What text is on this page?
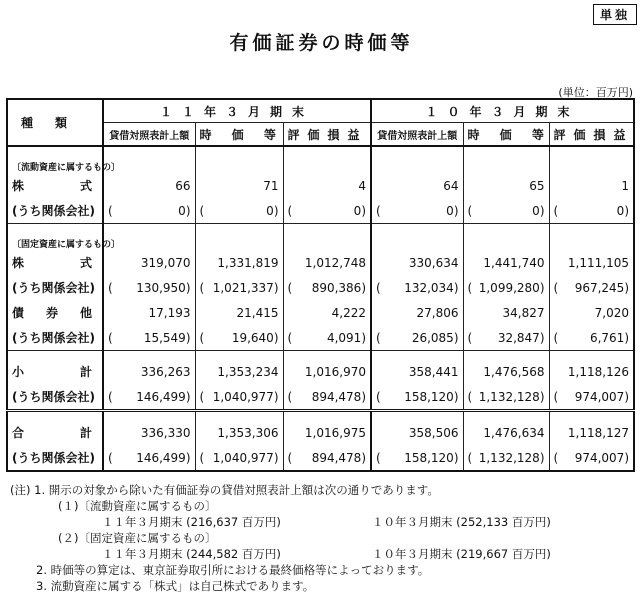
単独
有価証券の時価等
(単位：百万円)
種類	１１年３月期末			１０年３月期末		
	貸借対照表計上額	時 価 等	評価損益	貸借対照表計上額	時 価 等	評価損益
〔流動資産に属するもの〕						

株 式	66	71	4	64	65	1
(うち関係会社)	( 0)	( 0)	( 0)	( 0)	( 0)	( 0)

〔固定資産に属するもの〕						

株 式	319,070	1,331,819	1,012,748	330,634	1,441,740	1,111,105
(うち関係会社)	( 130,950)	( 1,021,337)	( 890,386)	( 132,034)	( 1,099,280)	( 967,245)

債 券 他	17,193	21,415	4,222	27,806	34,827	7,020
(うち関係会社)	( 15,549)	( 19,640)	( 4,091)	( 26,085)	( 32,847)	( 6,761)

小 計	336,263	1,353,234	1,016,970	358,441	1,476,568	1,118,126
(うち関係会社)	( 146,499)	( 1,040,977)	( 894,478)	( 158,120)	( 1,132,128)	( 974,007)

合 計	336,330	1,353,306	1,016,975	358,506	1,476,634	1,118,127
(うち関係会社)	( 146,499)	( 1,040,977)	( 894,478)	( 158,120)	( 1,132,128)	( 974,007)
(注) 1. 開示の対象から除いた有価証券の貸借対照表計上額は次の通りであります。
(１)〔流動資産に属するもの〕
１１年３月期末 (216,637 百万円)	１０年３月期末 (252,133 百万円)
(２)〔固定資産に属するもの〕
１１年３月期末 (244,582 百万円)	１０年３月期末 (219,667 百万円)
2. 時価等の算定は、東京証券取引所における最終価格等によっております。
3. 流動資産に属する「株式」は自己株式であります。
